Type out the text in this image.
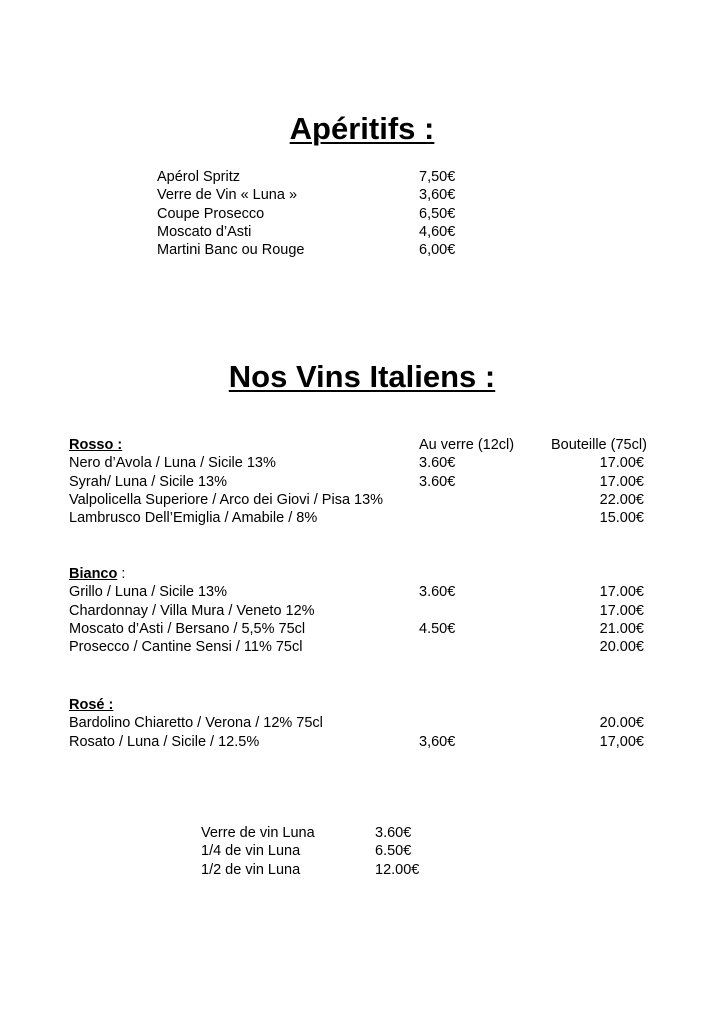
Apéritifs :
Apérol Spritz
Verre de Vin « Luna »
Coupe Prosecco
Moscato d’Asti
Martini Banc ou Rouge
7,50€
3,60€
6,50€
4,60€
6,00€
Nos Vins Italiens :
Au verre (12cl)	Bouteille (75cl)
Rosso :
Nero d’Avola / Luna / Sicile 13%
Syrah/ Luna / Sicile 13%
Valpolicella Superiore / Arco dei Giovi / Pisa 13%
Lambrusco Dell’Emiglia / Amabile / 8%
3.60€
3.60€
17.00€
17.00€
22.00€
15.00€
Bianco :
Grillo / Luna / Sicile 13%
Chardonnay / Villa Mura / Veneto 12%
Moscato d’Asti / Bersano / 5,5% 75cl
Prosecco / Cantine Sensi / 11% 75cl
3.60€
4.50€
17.00€
17.00€
21.00€
20.00€
Rosé :
Bardolino Chiaretto / Verona / 12% 75cl
Rosato / Luna / Sicile / 12.5%	3,60€
20.00€
17,00€
Verre de vin Luna
1/4 de vin Luna
1/2 de vin Luna
3.60€
6.50€
12.00€
